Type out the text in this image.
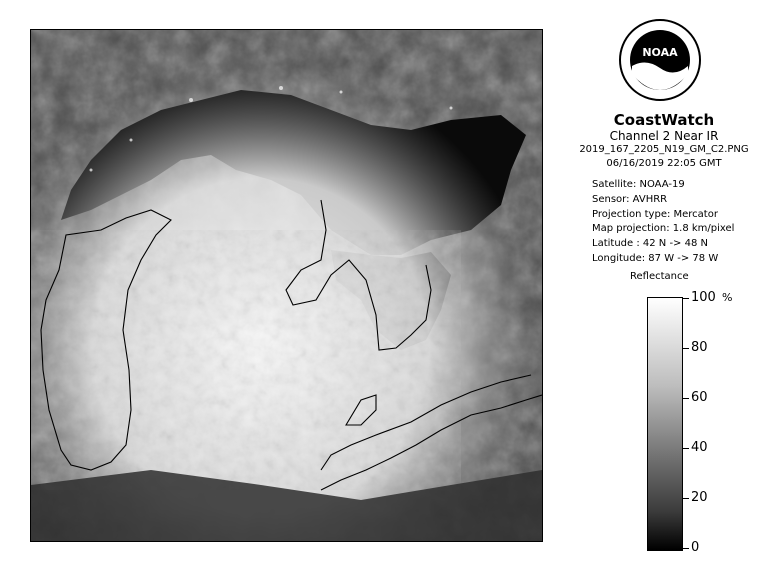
NOAA
CoastWatch
Channel 2 Near IR
2019_167_2205_N19_GM_C2.PNG
06/16/2019 22:05 GMT
Satellite: NOAA-19
Sensor: AVHRR
Projection type: Mercator
Map projection: 1.8 km/pixel
Latitude : 42 N -> 48 N
Longitude: 87 W -> 78 W
Reflectance
%
100
80
60
40
20
0
